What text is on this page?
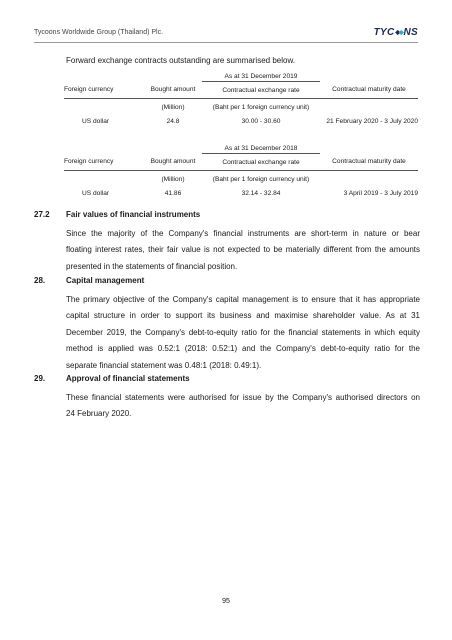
Tycoons Worldwide Group (Thailand) Plc.	TYC NS
Forward exchange contracts outstanding are summarised below.
		As at 31 December 2019	
Foreign currency	Bought amount	Contractual exchange rate	Contractual maturity date
	(Million)	(Baht per 1 foreign currency unit)	
US dollar	24.8	30.00 - 30.60	21 February 2020 - 3 July 2020
		As at 31 December 2018	
Foreign currency	Bought amount	Contractual exchange rate	Contractual maturity date
	(Million)	(Baht per 1 foreign currency unit)	
US dollar	41.86	32.14 - 32.84	3 April 2019 - 3 July 2019
27.2 Fair values of financial instruments
Since the majority of the Company's financial instruments are short-term in nature or bear
floating interest rates, their fair value is not expected to be materially different from the amounts
presented in the statements of financial position.
28.	Capital management
The primary objective of the Company's capital management is to ensure that it has appropriate
capital structure in order to support its business and maximise shareholder value. As at 31
December 2019, the Company's debt-to-equity ratio for the financial statements in which equity
method is applied was 0.52:1 (2018: 0.52:1) and the Company's debt-to-equity ratio for the
separate financial statement was 0.48:1 (2018: 0.49:1).
29.	Approval of financial statements
These financial statements were authorised for issue by the Company's authorised directors on
24 February 2020.
95
